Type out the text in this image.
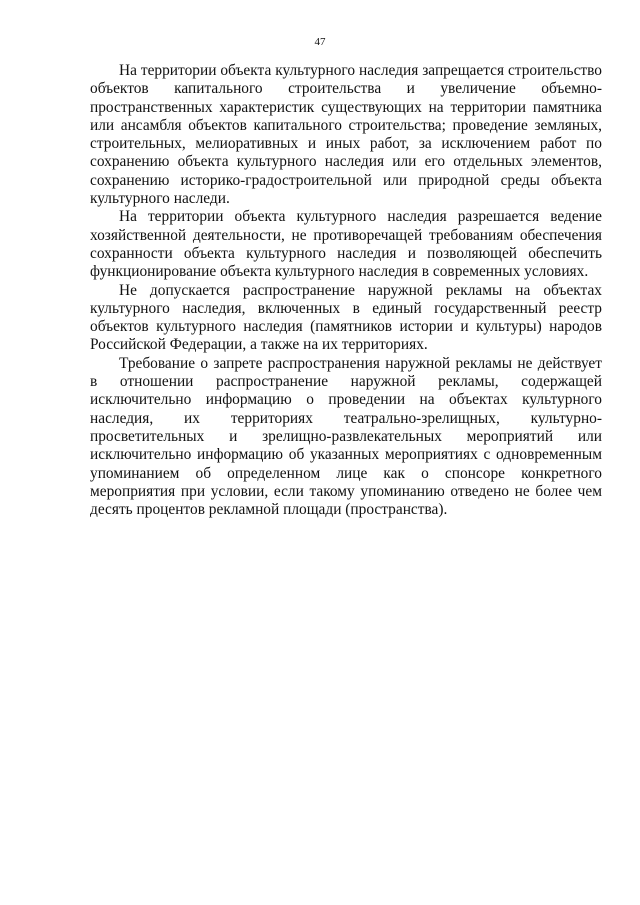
47

На территории объекта культурного наследия запрещается строительство объектов капитального строительства и увеличение объемно-пространственных характеристик существующих на территории памятника или ансамбля объектов капитального строительства; проведение земляных, строительных, мелиоративных и иных работ, за исключением работ по сохранению объекта культурного наследия или его отдельных элементов, сохранению историко-градостроительной или природной среды объекта культурного наследи.

На территории объекта культурного наследия разрешается ведение хозяйственной деятельности, не противоречащей требованиям обеспечения сохранности объекта культурного наследия и позволяющей обеспечить функционирование объекта культурного наследия в современных условиях.

Не допускается распространение наружной рекламы на объектах культурного наследия, включенных в единый государственный реестр объектов культурного наследия (памятников истории и культуры) народов Российской Федерации, а также на их территориях.

Требование о запрете распространения наружной рекламы не действует в отношении распространение наружной рекламы, содержащей исключительно информацию о проведении на объектах культурного наследия, их территориях театрально-зрелищных, культурно-просветительных и зрелищно-развлекательных мероприятий или исключительно информацию об указанных мероприятиях с одновременным упоминанием об определенном лице как о спонсоре конкретного мероприятия при условии, если такому упоминанию отведено не более чем десять процентов рекламной площади (пространства).
